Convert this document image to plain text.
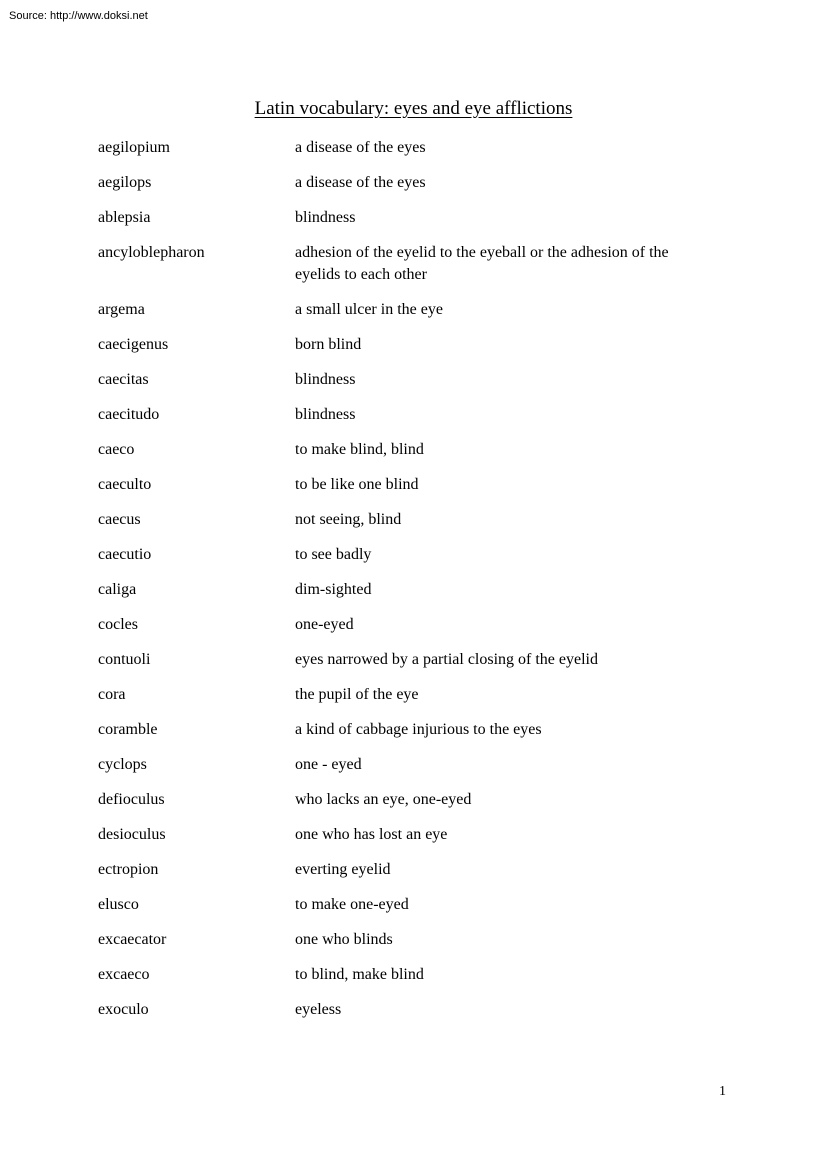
Source: http://www.doksi.net
Latin vocabulary: eyes and eye afflictions
aegilopium	a disease of the eyes
aegilops	a disease of the eyes
ablepsia	blindness
ancyloblepharon	adhesion of the eyelid to the eyeball or the adhesion of the eyelids to each other
argema	a small ulcer in the eye
caecigenus	born blind
caecitas	blindness
caecitudo	blindness
caeco	to make blind, blind
caeculto	to be like one blind
caecus	not seeing, blind
caecutio	to see badly
caliga	dim-sighted
cocles	one-eyed
contuoli	eyes narrowed by a partial closing of the eyelid
cora	the pupil of the eye
coramble	a kind of cabbage injurious to the eyes
cyclops	one - eyed
defioculus	who lacks an eye, one-eyed
desioculus	one who has lost an eye
ectropion	everting eyelid
elusco	to make one-eyed
excaecator	one who blinds
excaeco	to blind, make blind
exoculo	eyeless
1
